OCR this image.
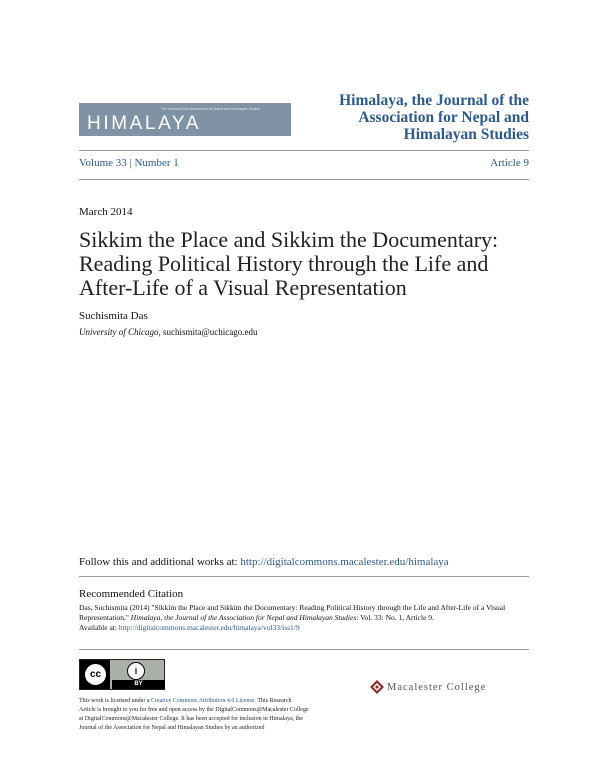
The Journal of the Association for Nepal and Himalayan Studies
HIMALAYA
Himalaya, the Journal of the
Association for Nepal and
Himalayan Studies
Volume 33 | Number 1	Article 9
March 2014
Sikkim the Place and Sikkim the Documentary:
Reading Political History through the Life and
After-Life of a Visual Representation
Suchismita Das
University of Chicago, suchismita@uchicago.edu
Follow this and additional works at: http://digitalcommons.macalester.edu/himalaya
Recommended Citation
Das, Suchismita (2014) "Sikkim the Place and Sikkim the Documentary: Reading Political History through the Life and After-Life of a Visual Representation," Himalaya, the Journal of the Association for Nepal and Himalayan Studies: Vol. 33: No. 1, Article 9.
Available at: http://digitalcommons.macalester.edu/himalaya/vol33/iss1/9
cc	i
BY
This work is licensed under a Creative Commons Attribution 4.0 License. This Research Article is brought to you for free and open access by the DigitalCommons@Macalester College at DigitalCommons@Macalester College. It has been accepted for inclusion in Himalaya, the Journal of the Association for Nepal and Himalayan Studies by an authorized
Macalester College
